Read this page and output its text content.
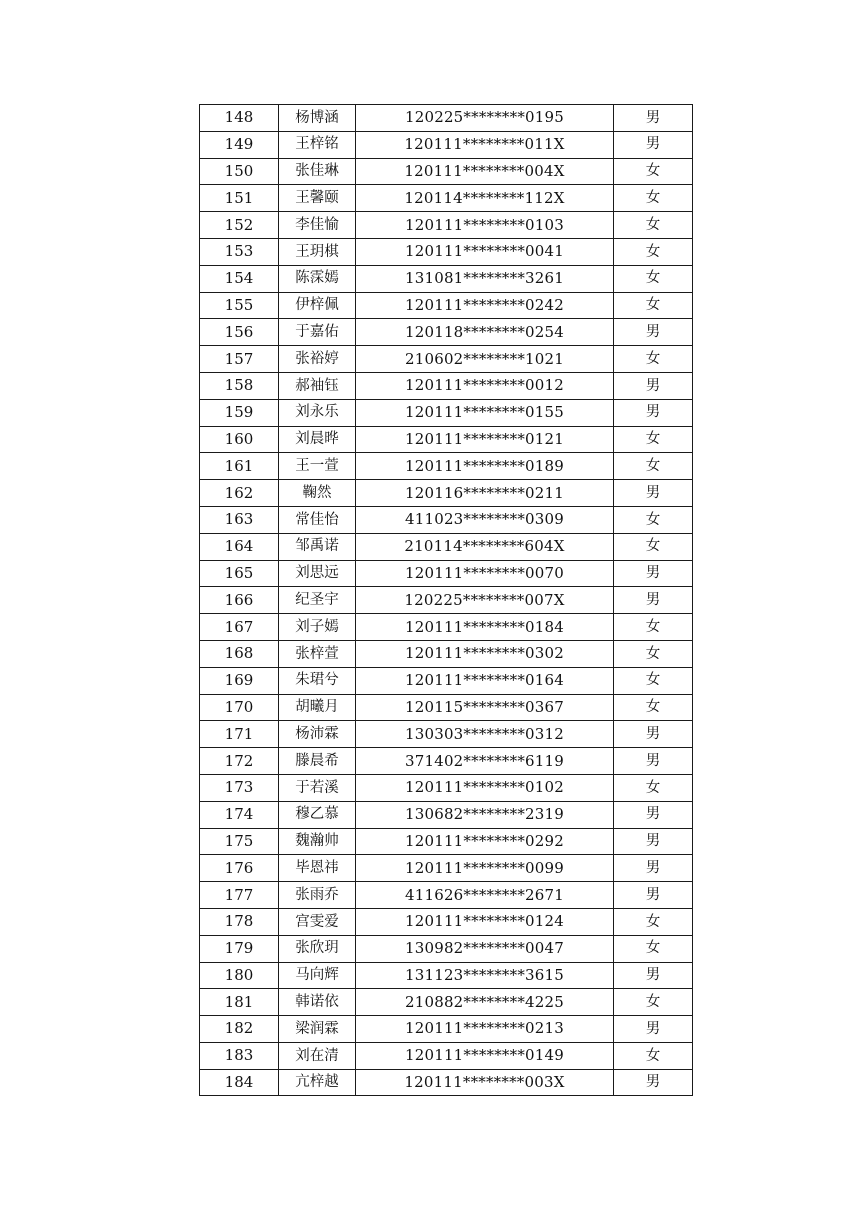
148	杨博涵	120225********0195	男
149	王梓铭	120111********011X	男
150	张佳琳	120111********004X	女
151	王馨颐	120114********112X	女
152	李佳愉	120111********0103	女
153	王玥棋	120111********0041	女
154	陈霂嫣	131081********3261	女
155	伊梓佩	120111********0242	女
156	于嘉佑	120118********0254	男
157	张裕婷	210602********1021	女
158	郝袖钰	120111********0012	男
159	刘永乐	120111********0155	男
160	刘晨晔	120111********0121	女
161	王一萱	120111********0189	女
162	鞠然	120116********0211	男
163	常佳怡	411023********0309	女
164	邹禹诺	210114********604X	女
165	刘思远	120111********0070	男
166	纪圣宇	120225********007X	男
167	刘子嫣	120111********0184	女
168	张梓萱	120111********0302	女
169	朱珺兮	120111********0164	女
170	胡曦月	120115********0367	女
171	杨沛霖	130303********0312	男
172	滕晨希	371402********6119	男
173	于若溪	120111********0102	女
174	穆乙慕	130682********2319	男
175	魏瀚帅	120111********0292	男
176	毕恩祎	120111********0099	男
177	张雨乔	411626********2671	男
178	宫雯爱	120111********0124	女
179	张欣玥	130982********0047	女
180	马向辉	131123********3615	男
181	韩诺依	210882********4225	女
182	梁润霖	120111********0213	男
183	刘在清	120111********0149	女
184	亢梓越	120111********003X	男
